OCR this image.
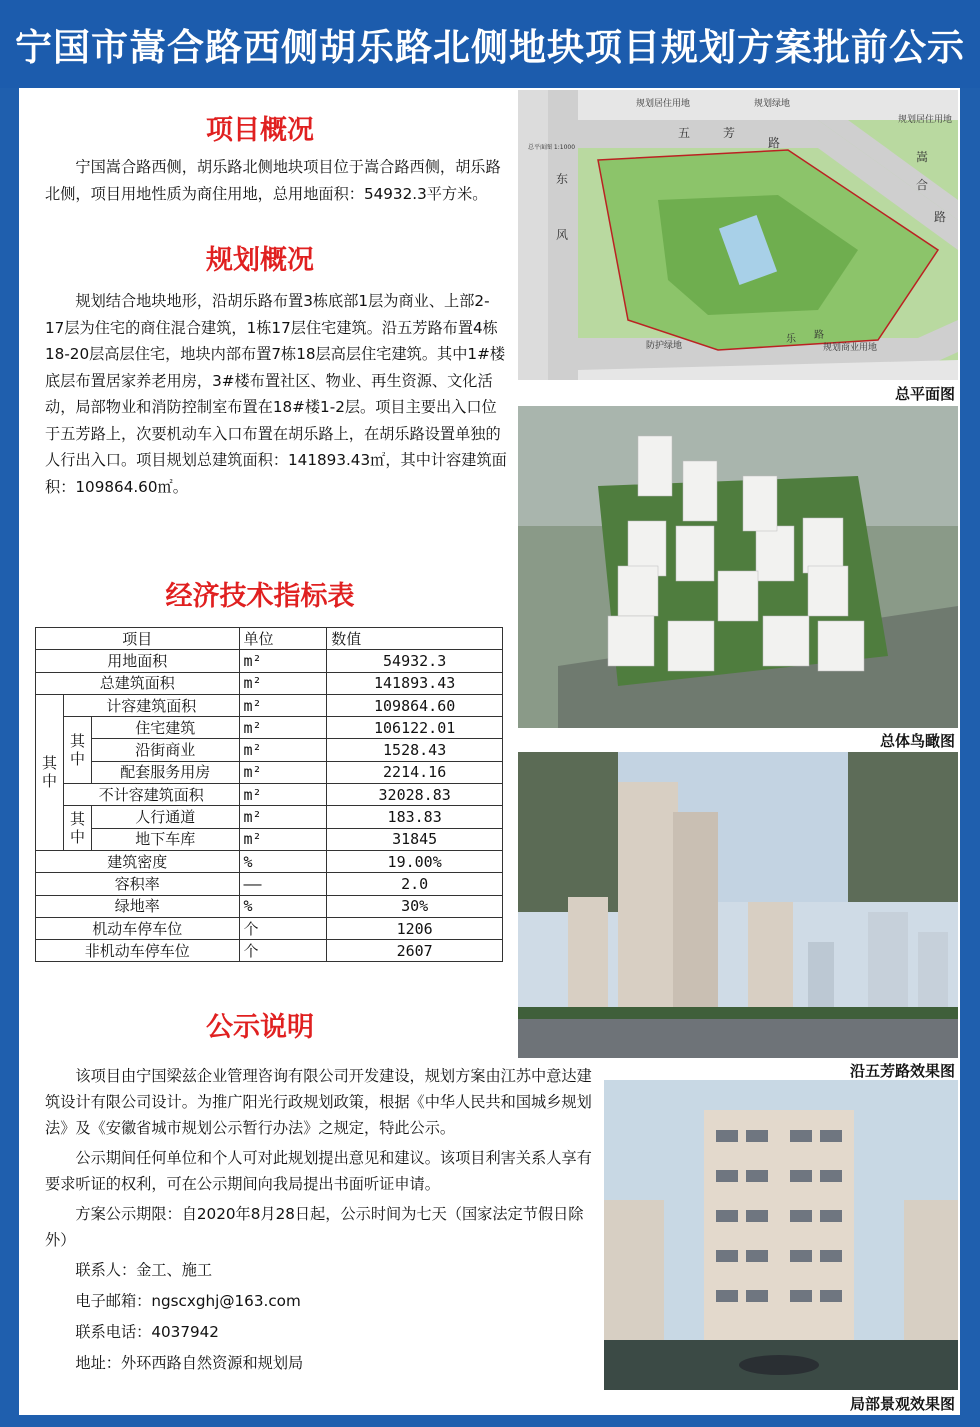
宁国市嵩合路西侧胡乐路北侧地块项目规划方案批前公示
项目概况

宁国嵩合路西侧，胡乐路北侧地块项目位于嵩合路西侧，胡乐路北侧，项目用地性质为商住用地，总用地面积：54932.3平方米。

规划概况

规划结合地块地形，沿胡乐路布置3栋底部1层为商业、上部2-17层为住宅的商住混合建筑，1栋17层住宅建筑。沿五芳路布置4栋18-20层高层住宅，地块内部布置7栋18层高层住宅建筑。其中1#楼底层布置居家养老用房，3#楼布置社区、物业、再生资源、文化活动，局部物业和消防控制室布置在18#楼1-2层。项目主要出入口位于五芳路上，次要机动车入口布置在胡乐路上，在胡乐路设置单独的人行出入口。项目规划总建筑面积：141893.43㎡，其中计容建筑面积：109864.60㎡。

经济技术指标表
项目			单位	数值
用地面积			m²	54932.3
总建筑面积			m²	141893.43
其中	计容建筑面积		m²	109864.60
	其中	住宅建筑	m²	106122.01
		沿街商业	m²	1528.43
		配套服务用房	m²	2214.16
	不计容建筑面积		m²	32028.83
	其中	人行通道	m²	183.83
		地下车库	m²	31845
建筑密度			%	19.00%
容积率			——	2.0
绿地率			%	30%
机动车停车位			个	1206
非机动车停车位			个	2607
公示说明

该项目由宁国梁兹企业管理咨询有限公司开发建设，规划方案由江苏中意达建筑设计有限公司设计。为推广阳光行政规划政策，根据《中华人民共和国城乡规划法》及《安徽省城市规划公示暂行办法》之规定，特此公示。

公示期间任何单位和个人可对此规划提出意见和建议。该项目利害关系人享有要求听证的权利，可在公示期间向我局提出书面听证申请。

方案公示期限：自2020年8月28日起，公示时间为七天（国家法定节假日除外）

联系人：金工、施工

电子邮箱：ngscxghj@163.com

联系电话：4037942

地址：外环西路自然资源和规划局

规划居住用地	规划绿地
规划居住用地
总平面图 1:1000
五	芳
路
嵩
合
路
东
风
乐 路
防护绿地	规划商业用地
总平面图
总体鸟瞰图
沿五芳路效果图
局部景观效果图
